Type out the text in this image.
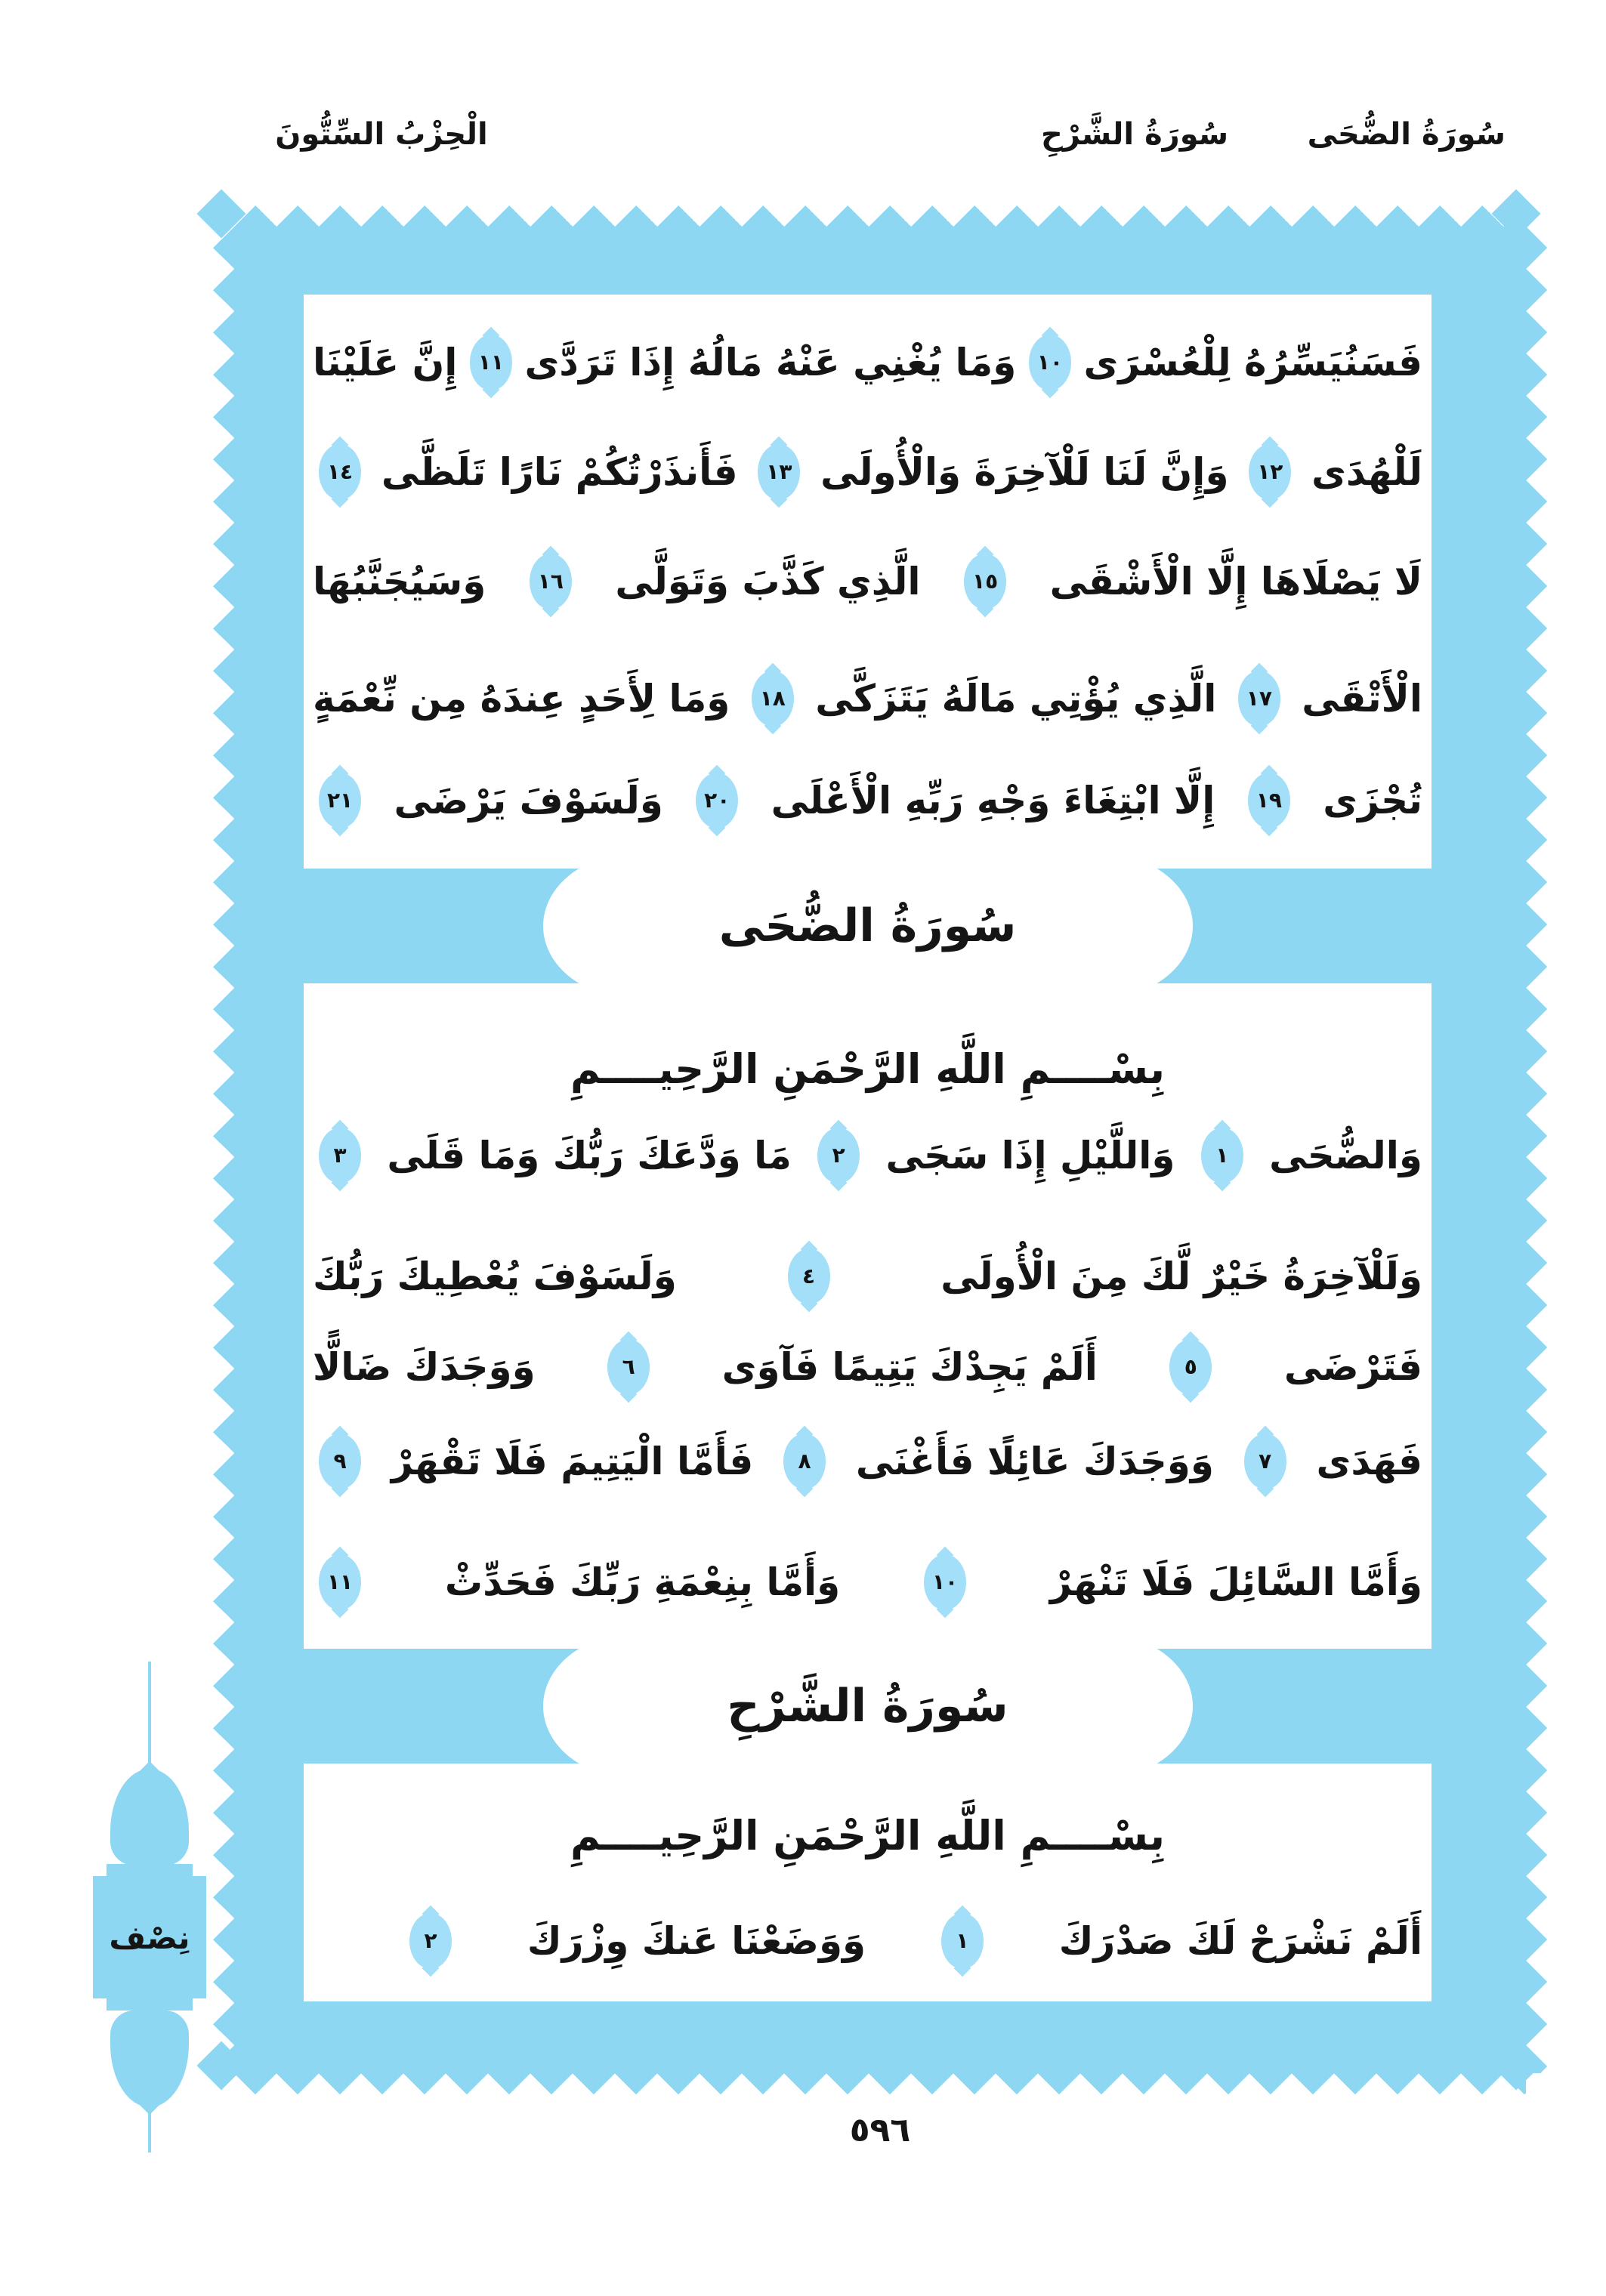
الْحِزْبُ السِّتُّونَ	سُورَةُ الضُّحَى
سُورَةُ الشَّرْحِ
فَسَنُيَسِّرُهُ لِلْعُسْرَى
١٠
وَمَا يُغْنِي عَنْهُ مَالُهُ إِذَا تَرَدَّى
١١
إِنَّ عَلَيْنَا
لَلْهُدَى
١٢
وَإِنَّ لَنَا لَلْآخِرَةَ وَالْأُولَى
١٣
فَأَنذَرْتُكُمْ نَارًا تَلَظَّى
١٤
لَا يَصْلَاهَا إِلَّا الْأَشْقَى
١٥
الَّذِي كَذَّبَ وَتَوَلَّى
١٦
وَسَيُجَنَّبُهَا
الْأَتْقَى
١٧
الَّذِي يُؤْتِي مَالَهُ يَتَزَكَّى
١٨
وَمَا لِأَحَدٍ عِندَهُ مِن نِّعْمَةٍ
تُجْزَى
١٩
إِلَّا ابْتِغَاءَ وَجْهِ رَبِّهِ الْأَعْلَى
٢٠
وَلَسَوْفَ يَرْضَى
٢١
سُورَةُ الضُّحَى
بِسْــــمِ اللَّهِ الرَّحْمَنِ الرَّحِيــــمِ
وَالضُّحَى
١
وَاللَّيْلِ إِذَا سَجَى
٢
مَا وَدَّعَكَ رَبُّكَ وَمَا قَلَى
٣
وَلَلْآخِرَةُ خَيْرٌ لَّكَ مِنَ الْأُولَى
٤
وَلَسَوْفَ يُعْطِيكَ رَبُّكَ
فَتَرْضَى
٥
أَلَمْ يَجِدْكَ يَتِيمًا فَآوَى
٦
وَوَجَدَكَ ضَالًّا
فَهَدَى
٧
وَوَجَدَكَ عَائِلًا فَأَغْنَى
٨
فَأَمَّا الْيَتِيمَ فَلَا تَقْهَرْ
٩
وَأَمَّا السَّائِلَ فَلَا تَنْهَرْ
١٠
وَأَمَّا بِنِعْمَةِ رَبِّكَ فَحَدِّثْ
١١
سُورَةُ الشَّرْحِ
بِسْــــمِ اللَّهِ الرَّحْمَنِ الرَّحِيــــمِ
أَلَمْ نَشْرَحْ لَكَ صَدْرَكَ
١
وَوَضَعْنَا عَنكَ وِزْرَكَ
٢
نِصْف
٥٩٦
